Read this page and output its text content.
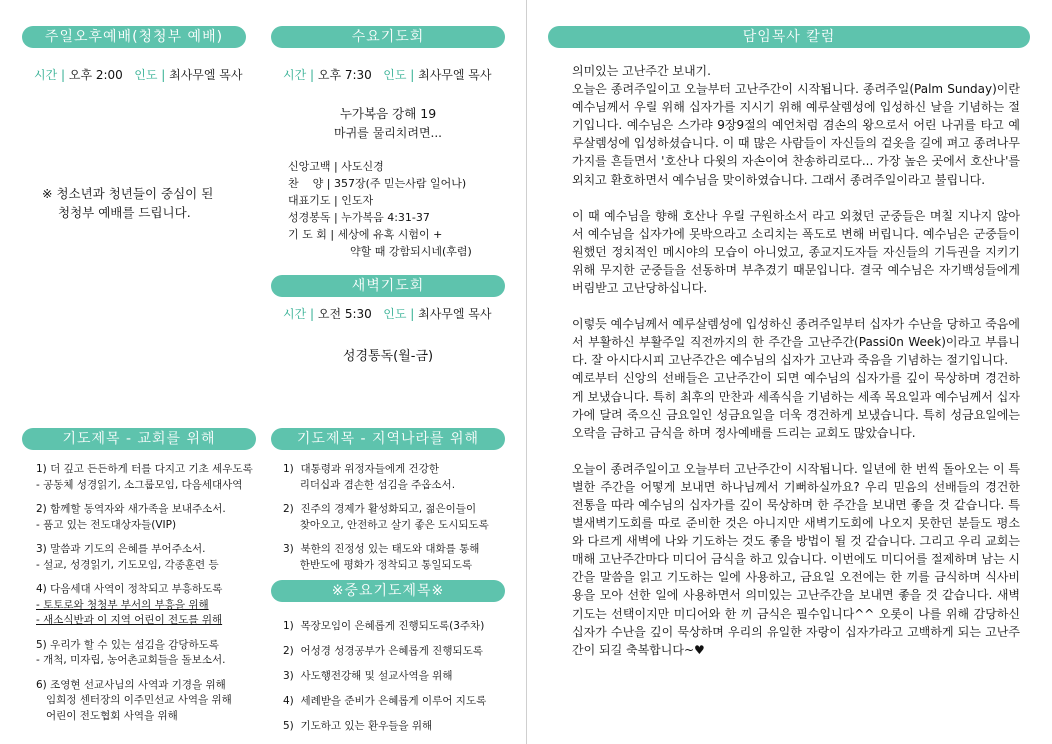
주일오후예배(청청부 예배)
시간 | 오후 2:00 인도 | 최사무엘 목사
※ 청소년과 청년들이 중심이 된
청청부 예배를 드립니다.
수요기도회
시간 | 오후 7:30 인도 | 최사무엘 목사
누가복음 강해 19
마귀를 물리치려면...
신앙고백 | 사도신경
찬    양 | 357장(주 믿는사람 일어나)
대표기도 | 인도자
성경봉독 | 누가복음 4:31-37
기 도 회 | 세상에 유혹 시험이 +
약할 때 강함되시네(후렴)
새벽기도회
시간 | 오전 5:30 인도 | 최사무엘 목사
성경통독(월-금)
기도제목 - 교회를 위해
1) 더 깊고 든든하게 터를 다지고 기초 세우도록
- 공동체 성경읽기, 소그룹모임, 다음세대사역
2) 함께할 동역자와 새가족을 보내주소서.
- 품고 있는 전도대상자들(VIP)
3) 말씀과 기도의 은혜를 부어주소서.
- 설교, 성경읽기, 기도모임, 각종훈련 등
4) 다음세대 사역이 정착되고 부흥하도록
- 토토로와 청청부 부서의 부흥을 위해
- 새소식반과 이 지역 어린이 전도를 위해
5) 우리가 할 수 있는 섬김을 감당하도록
- 개척, 미자립, 농어촌교회들을 돌보소서.
6) 조영현 선교사님의 사역과 기경을 위해
임희정 센터장의 이주민선교 사역을 위해
어린이 전도협회 사역을 위해
기도제목 - 지역나라를 위해
1)  대통령과 위정자들에게 건강한
리더십과 겸손한 섬김을 주옵소서.
2)  진주의 경제가 활성화되고, 젊은이들이
찾아오고, 안전하고 살기 좋은 도시되도록
3)  북한의 진정성 있는 태도와 대화를 통해
한반도에 평화가 정착되고 통일되도록
※중요기도제목※
1)  목장모임이 은혜롭게 진행되도록(3주차)
2)  어성경 성경공부가 은혜롭게 진행되도록
3)  사도행전강해 및 설교사역을 위해
4)  세례받을 준비가 은혜롭게 이루어 지도록
5)  기도하고 있는 환우들을 위해
담임목사 칼럼

의미있는 고난주간 보내기.
오늘은 종려주일이고 오늘부터 고난주간이 시작됩니다. 종려주일(Palm Sunday)이란 예수님께서 우릴 위해 십자가를 지시기 위해 예루살렘성에 입성하신 날을 기념하는 절기입니다. 예수님은 스가랴 9장9절의 예언처럼 겸손의 왕으로서 어린 나귀를 타고 예루살렘성에 입성하셨습니다. 이 때 많은 사람들이 자신들의 겉옷을 길에 펴고 종려나무 가지를 흔들면서 '호산나 다윗의 자손이여 찬송하리로다... 가장 높은 곳에서 호산나'를 외치고 환호하면서 예수님을 맞이하였습니다. 그래서 종려주일이라고 불립니다.

이 때 예수님을 향해 호산나 우릴 구원하소서 라고 외쳤던 군중들은 며칠 지나지 않아서 예수님을 십자가에 못박으라고 소리치는 폭도로 변해 버립니다. 예수님은 군중들이 원했던 정치적인 메시야의 모습이 아니었고, 종교지도자들 자신들의 기득권을 지키기 위해 무지한 군중들을 선동하며 부추겼기 때문입니다. 결국 예수님은 자기백성들에게 버림받고 고난당하십니다.

이렇듯 예수님께서 예루살렘성에 입성하신 종려주일부터 십자가 수난을 당하고 죽음에서 부활하신 부활주일 직전까지의 한 주간을 고난주간(Passi0n Week)이라고 부릅니다. 잘 아시다시피 고난주간은 예수님의 십자가 고난과 죽음을 기념하는 절기입니다.
예로부터 신앙의 선배들은 고난주간이 되면 예수님의 십자가를 깊이 묵상하며 경건하게 보냈습니다. 특히 최후의 만찬과 세족식을 기념하는 세족 목요일과 예수님께서 십자가에 달려 죽으신 금요일인 성금요일을 더욱 경건하게 보냈습니다. 특히 성금요일에는 오락을 금하고 금식을 하며 정사예배를 드리는 교회도 많았습니다.

오늘이 종려주일이고 오늘부터 고난주간이 시작됩니다. 일년에 한 번씩 돌아오는 이 특별한 주간을 어떻게 보내면 하나님께서 기뻐하실까요? 우리 믿음의 선배들의 경건한 전통을 따라 예수님의 십자가를 깊이 묵상하며 한 주간을 보내면 좋을 것 같습니다. 특별새벽기도회를 따로 준비한 것은 아니지만 새벽기도회에 나오지 못한던 분들도 평소와 다르게 새벽에 나와 기도하는 것도 좋을 방법이 될 것 같습니다. 그리고 우리 교회는 매해 고난주간마다 미디어 금식을 하고 있습니다. 이번에도 미디어를 절제하며 남는 시간을 말씀을 읽고 기도하는 일에 사용하고, 금요일 오전에는 한 끼를 금식하며 식사비용을 모아 선한 일에 사용하면서 의미있는 고난주간을 보내면 좋을 것 같습니다. 새벽기도는 선택이지만 미디어와 한 끼 금식은 필수입니다^^ 오롯이 나를 위해 감당하신 십자가 수난을 깊이 묵상하며 우리의 유일한 자랑이 십자가라고 고백하게 되는 고난주간이 되길 축복합니다~♥
